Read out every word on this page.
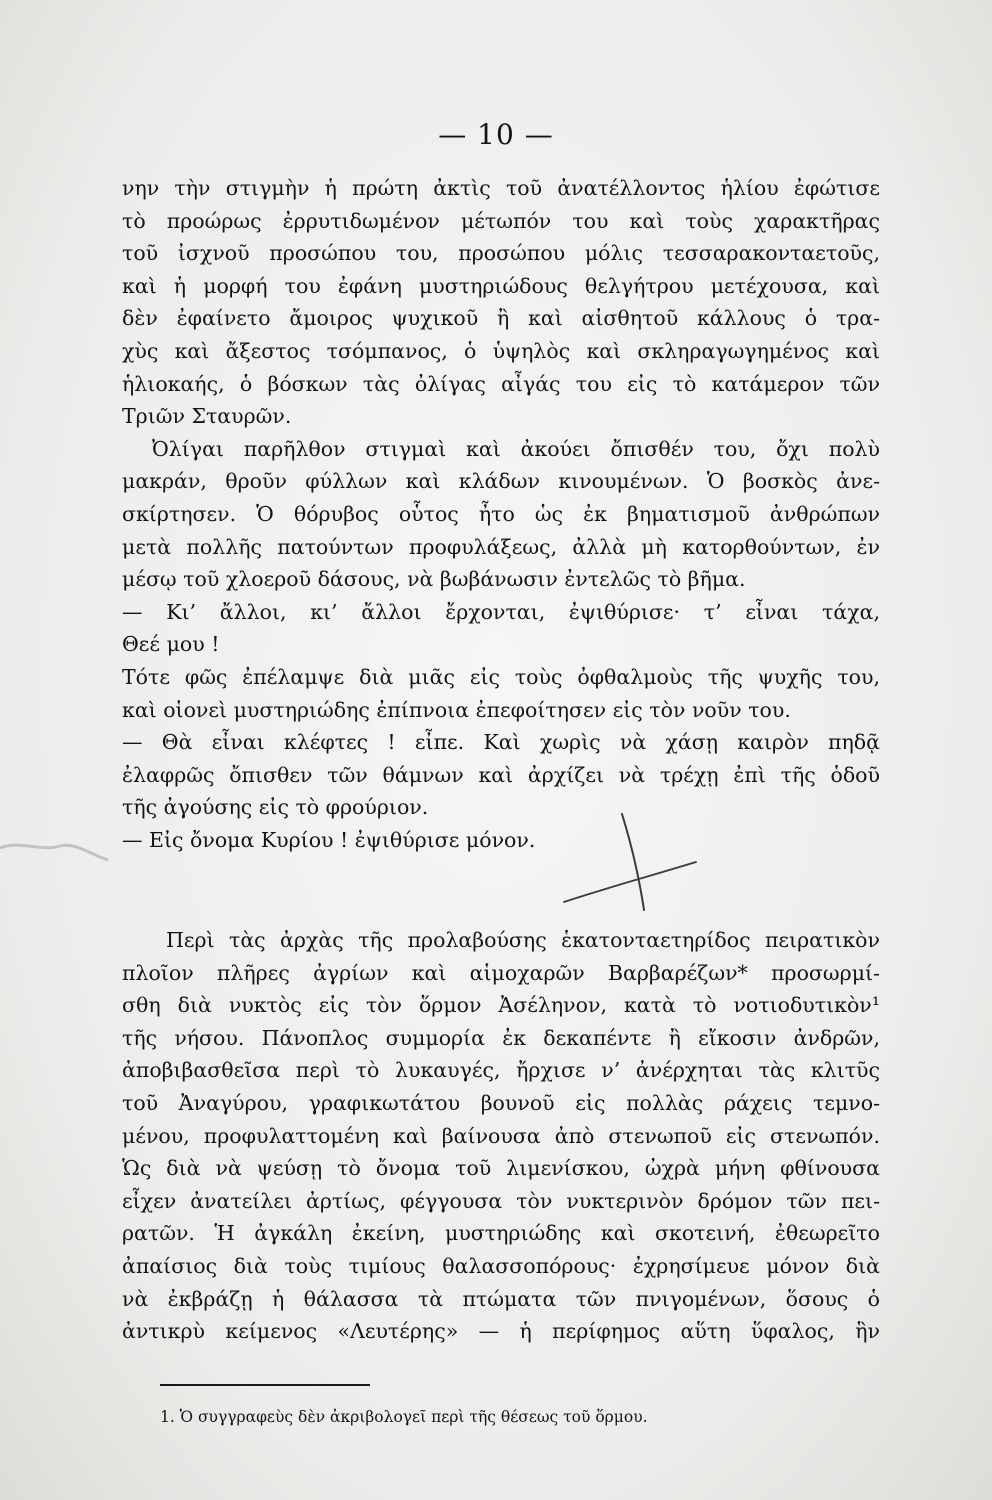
— 10 —
νην τὴν στιγμὴν ἡ πρώτη ἀκτὶς τοῦ ἀνατέλλοντος ἡλίου ἐφώτισε
τὸ προώρως ἐρρυτιδωμένον μέτωπόν του καὶ τοὺς χαρακτῆρας
τοῦ ἰσχνοῦ προσώπου του, προσώπου μόλις τεσσαρακονταετοῦς,
καὶ ἡ μορφή του ἐφάνη μυστηριώδους θελγήτρου μετέχουσα, καὶ
δὲν ἐφαίνετο ἄμοιρος ψυχικοῦ ἢ καὶ αἰσθητοῦ κάλλους ὁ τρα-
χὺς καὶ ἄξεστος τσόμπανος, ὁ ὑψηλὸς καὶ σκληραγωγημένος καὶ
ἡλιοκαής, ὁ βόσκων τὰς ὀλίγας αἶγάς του εἰς τὸ κατάμερον τῶν
Τριῶν Σταυρῶν.
Ὀλίγαι παρῆλθον στιγμαὶ καὶ ἀκούει ὄπισθέν του, ὄχι πολὺ
μακράν, θροῦν φύλλων καὶ κλάδων κινουμένων. Ὁ βοσκὸς ἀνε-
σκίρτησεν. Ὁ θόρυβος οὗτος ἦτο ὡς ἐκ βηματισμοῦ ἀνθρώπων
μετὰ πολλῆς πατούντων προφυλάξεως, ἀλλὰ μὴ κατορθούντων, ἐν
μέσῳ τοῦ χλοεροῦ δάσους, νὰ βωβάνωσιν ἐντελῶς τὸ βῆμα.
— Κι’ ἄλλοι, κι’ ἄλλοι ἔρχονται, ἐψιθύρισε· τ’ εἶναι τάχα,
Θεέ μου !
Τότε φῶς ἐπέλαμψε διὰ μιᾶς εἰς τοὺς ὀφθαλμοὺς τῆς ψυχῆς του,
καὶ οἱονεὶ μυστηριώδης ἐπίπνοια ἐπεφοίτησεν εἰς τὸν νοῦν του.
— Θὰ εἶναι κλέφτες ! εἶπε. Καὶ χωρὶς νὰ χάσῃ καιρὸν πηδᾷ
ἐλαφρῶς ὄπισθεν τῶν θάμνων καὶ ἀρχίζει νὰ τρέχῃ ἐπὶ τῆς ὁδοῦ
τῆς ἀγούσης εἰς τὸ φρούριον.
— Εἰς ὄνομα Κυρίου ! ἐψιθύρισε μόνον.
Περὶ τὰς ἀρχὰς τῆς προλαβούσης ἑκατονταετηρίδος πειρατικὸν
πλοῖον πλῆρες ἀγρίων καὶ αἱμοχαρῶν Βαρβαρέζων* προσωρμί-
σθη διὰ νυκτὸς εἰς τὸν ὅρμον Ἀσέληνον, κατὰ τὸ νοτιοδυτικὸν¹
τῆς νήσου. Πάνοπλος συμμορία ἐκ δεκαπέντε ἢ εἴκοσιν ἀνδρῶν,
ἀποβιβασθεῖσα περὶ τὸ λυκαυγές, ἤρχισε ν’ ἀνέρχηται τὰς κλιτῦς
τοῦ Ἀναγύρου, γραφικωτάτου βουνοῦ εἰς πολλὰς ράχεις τεμνο-
μένου, προφυλαττομένη καὶ βαίνουσα ἀπὸ στενωποῦ εἰς στενωπόν.
Ὡς διὰ νὰ ψεύσῃ τὸ ὄνομα τοῦ λιμενίσκου, ὠχρὰ μήνη φθίνουσα
εἶχεν ἀνατείλει ἀρτίως, φέγγουσα τὸν νυκτερινὸν δρόμον τῶν πει-
ρατῶν. Ἡ ἀγκάλη ἐκείνη, μυστηριώδης καὶ σκοτεινή, ἐθεωρεῖτο
ἀπαίσιος διὰ τοὺς τιμίους θαλασσοπόρους· ἐχρησίμευε μόνον διὰ
νὰ ἐκβράζῃ ἡ θάλασσα τὰ πτώματα τῶν πνιγομένων, ὅσους ὁ
ἀντικρὺ κείμενος «Λευτέρης» — ἡ περίφημος αὕτη ὕφαλος, ἣν
1. Ὁ συγγραφεὺς δὲν ἀκριβολογεῖ περὶ τῆς θέσεως τοῦ ὅρμου.
